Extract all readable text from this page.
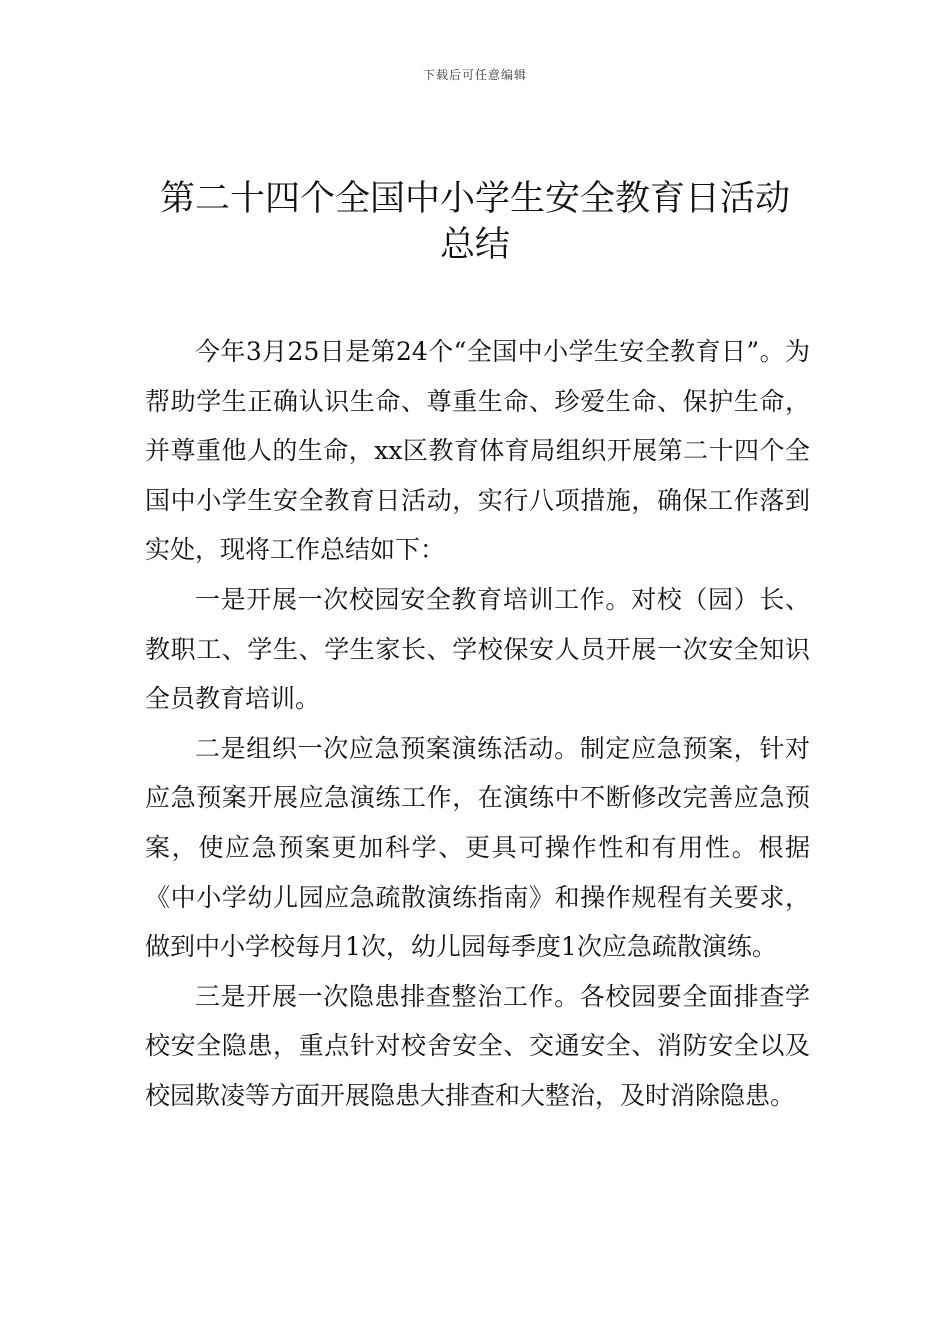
下载后可任意编辑
第二十四个全国中小学生安全教育日活动
总结

今年3月25日是第24个“全国中小学生安全教育日”。为帮助学生正确认识生命、尊重生命、珍爱生命、保护生命，并尊重他人的生命，xx区教育体育局组织开展第二十四个全国中小学生安全教育日活动，实行八项措施，确保工作落到实处，现将工作总结如下：

一是开展一次校园安全教育培训工作。对校（园）长、教职工、学生、学生家长、学校保安人员开展一次安全知识全员教育培训。

二是组织一次应急预案演练活动。制定应急预案，针对应急预案开展应急演练工作，在演练中不断修改完善应急预案，使应急预案更加科学、更具可操作性和有用性。根据《中小学幼儿园应急疏散演练指南》和操作规程有关要求，做到中小学校每月1次，幼儿园每季度1次应急疏散演练。

三是开展一次隐患排查整治工作。各校园要全面排查学校安全隐患，重点针对校舍安全、交通安全、消防安全以及校园欺凌等方面开展隐患大排查和大整治，及时消除隐患。
